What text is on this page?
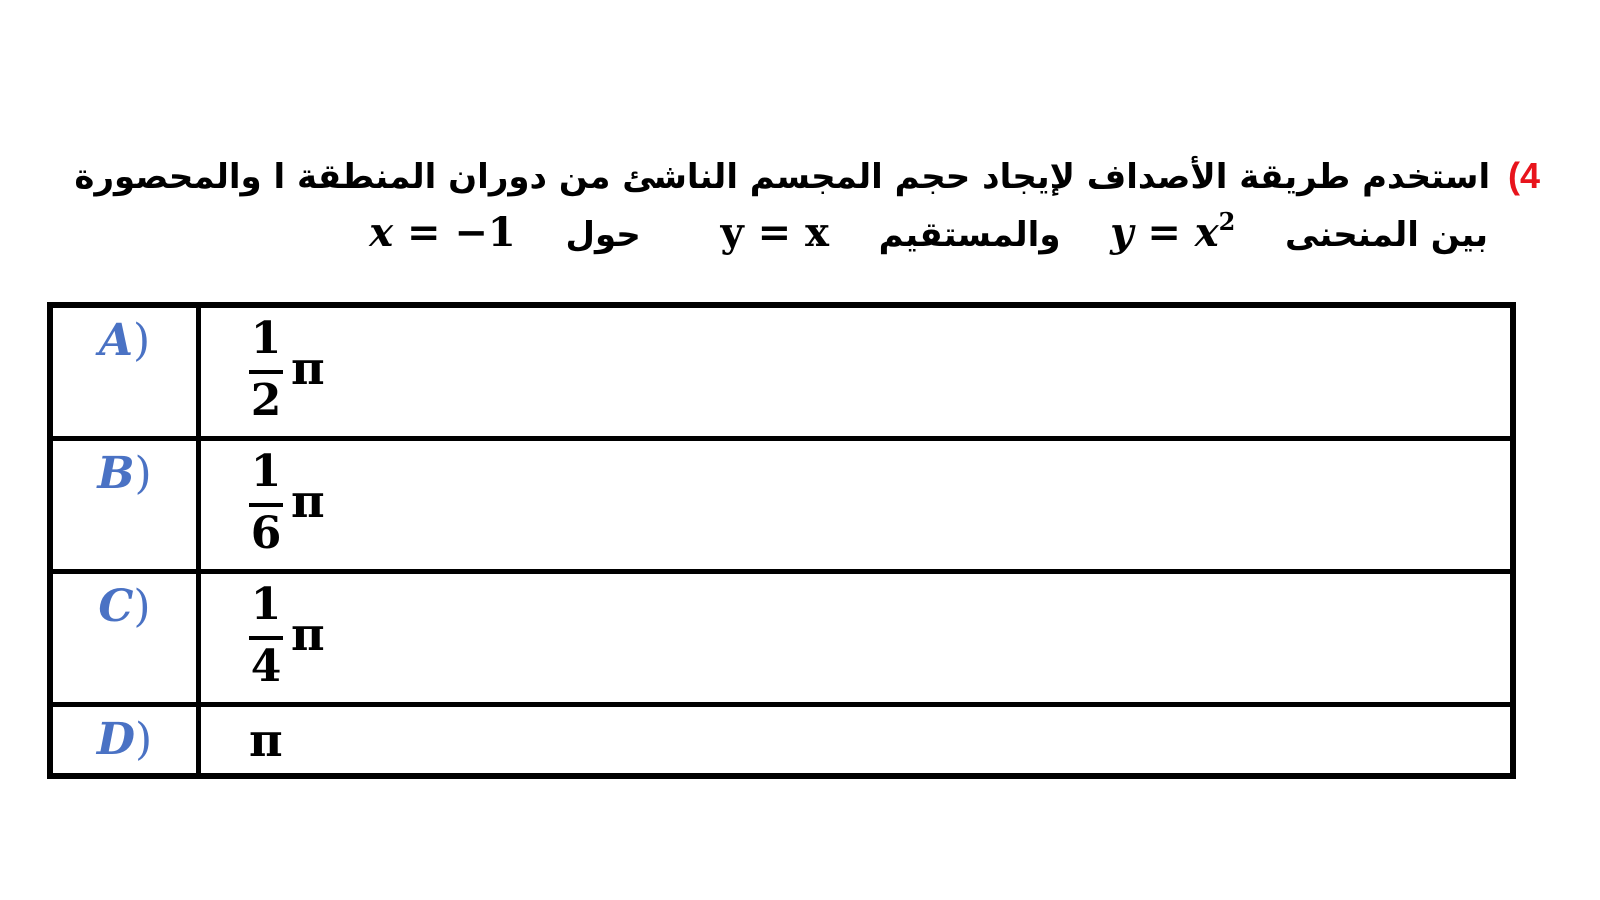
4) استخدم طريقة الأصداف لإيجاد حجم المجسم الناشئ من دوران المنطقة ا والمحصورة
بين المنحنى  $y = x^2$  والمستقيم  y = x  حول  x = −1
A)	$\frac{1}{2}$ π

B)	$\frac{1}{6}$ π

C)	$\frac{1}{4}$ π

D)	π
